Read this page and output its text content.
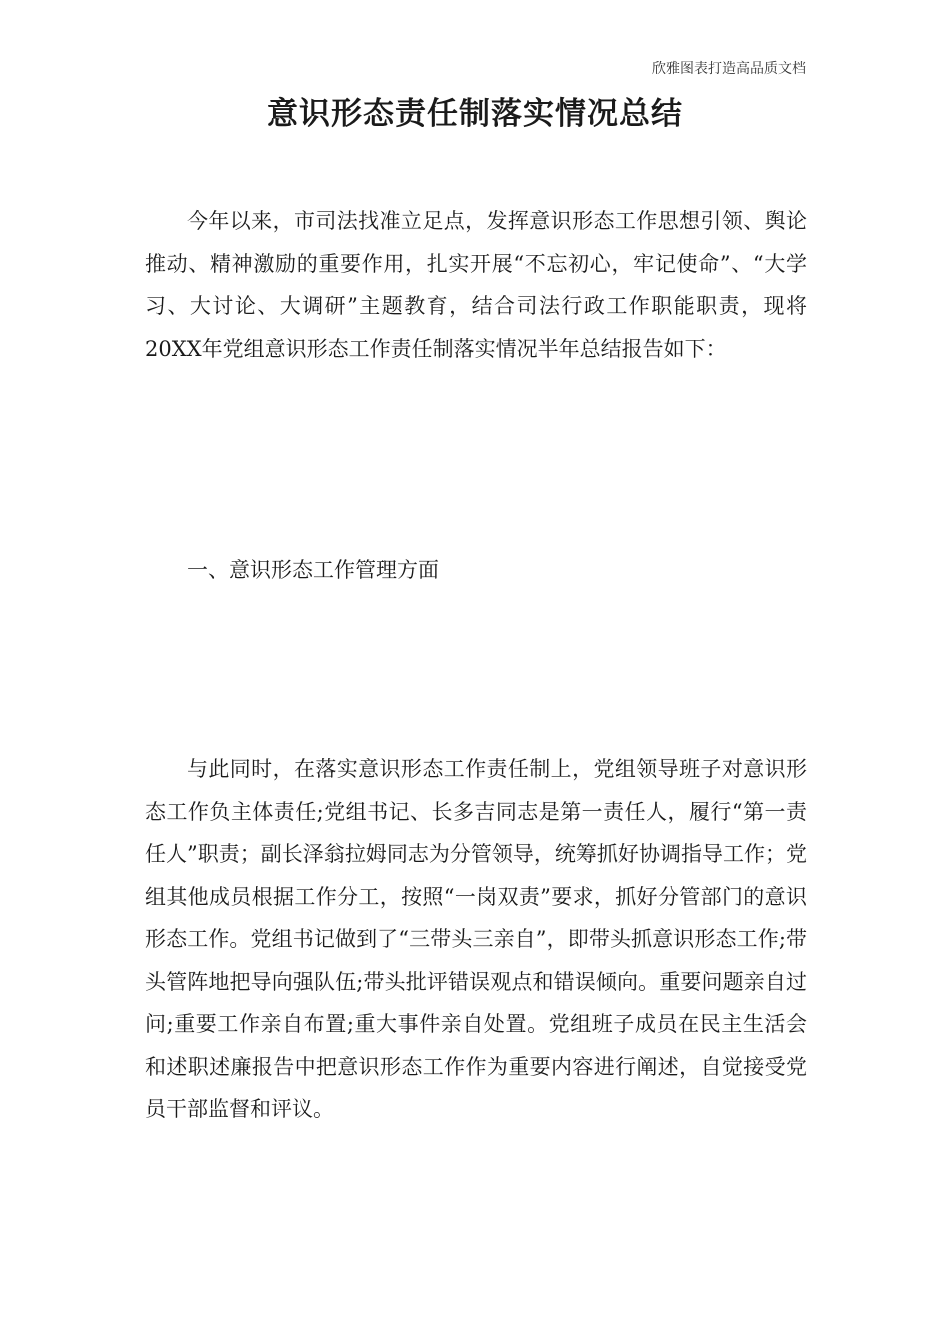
欣雅图表打造高品质文档
意识形态责任制落实情况总结

今年以来，市司法找准立足点，发挥意识形态工作思想引领、舆论推动、精神激励的重要作用，扎实开展“不忘初心，牢记使命”、“大学习、大讨论、大调研”主题教育，结合司法行政工作职能职责，现将20XX年党组意识形态工作责任制落实情况半年总结报告如下：

一、意识形态工作管理方面

与此同时，在落实意识形态工作责任制上，党组领导班子对意识形态工作负主体责任;党组书记、长多吉同志是第一责任人，履行“第一责任人”职责；副长泽翁拉姆同志为分管领导，统筹抓好协调指导工作；党组其他成员根据工作分工，按照“一岗双责”要求，抓好分管部门的意识形态工作。党组书记做到了“三带头三亲自”，即带头抓意识形态工作;带头管阵地把导向强队伍;带头批评错误观点和错误倾向。重要问题亲自过问;重要工作亲自布置;重大事件亲自处置。党组班子成员在民主生活会和述职述廉报告中把意识形态工作作为重要内容进行阐述，自觉接受党员干部监督和评议。
